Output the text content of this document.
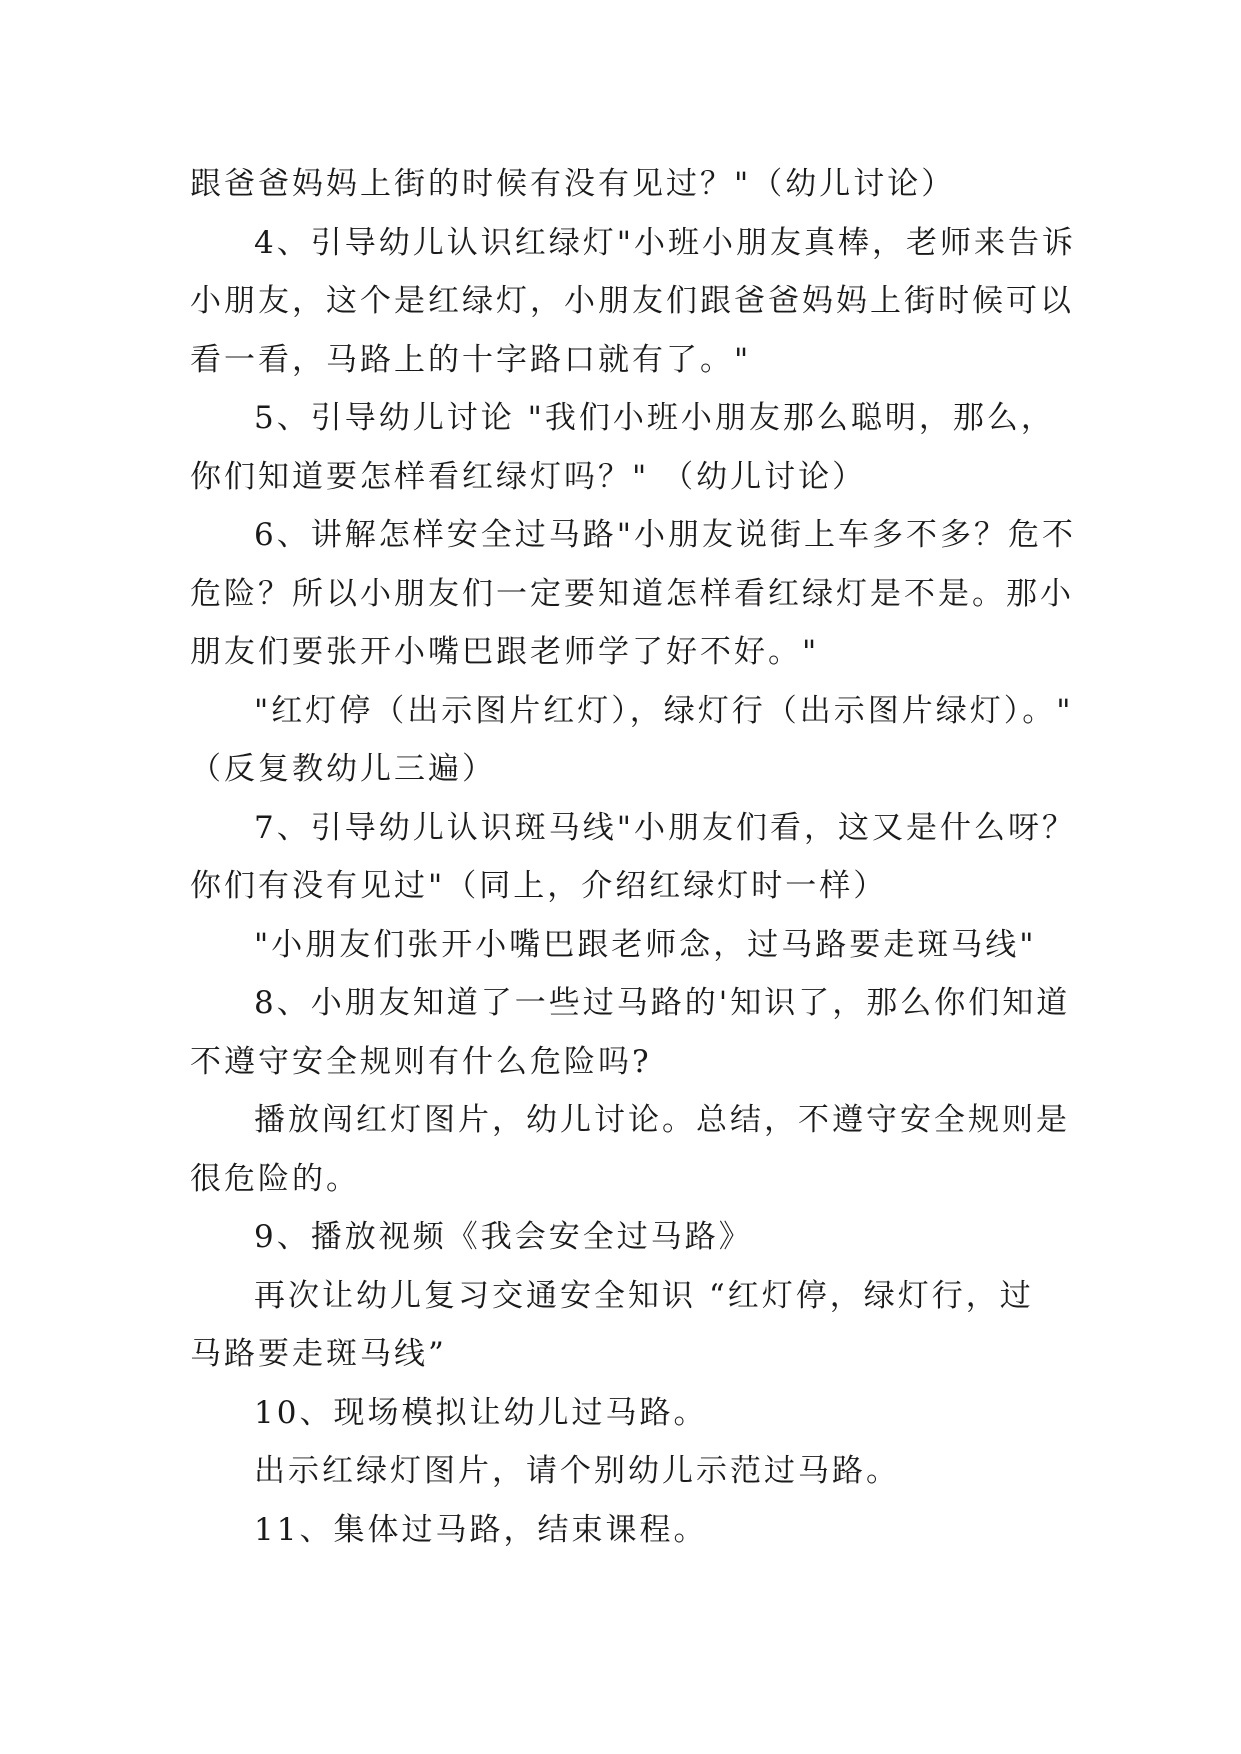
跟爸爸妈妈上街的时候有没有见过？"（幼儿讨论）
4、引导幼儿认识红绿灯"小班小朋友真棒，老师来告诉
小朋友，这个是红绿灯，小朋友们跟爸爸妈妈上街时候可以
看一看，马路上的十字路口就有了。"
5、引导幼儿讨论 "我们小班小朋友那么聪明，那么，
你们知道要怎样看红绿灯吗？" （幼儿讨论）
6、讲解怎样安全过马路"小朋友说街上车多不多？危不
危险？所以小朋友们一定要知道怎样看红绿灯是不是。那小
朋友们要张开小嘴巴跟老师学了好不好。"
"红灯停（出示图片红灯），绿灯行（出示图片绿灯）。"
（反复教幼儿三遍）
7、引导幼儿认识斑马线"小朋友们看，这又是什么呀？
你们有没有见过"（同上，介绍红绿灯时一样）
"小朋友们张开小嘴巴跟老师念，过马路要走斑马线"
8、小朋友知道了一些过马路的'知识了，那么你们知道
不遵守安全规则有什么危险吗?
播放闯红灯图片，幼儿讨论。总结，不遵守安全规则是
很危险的。
9、播放视频《我会安全过马路》
再次让幼儿复习交通安全知识 “红灯停，绿灯行，过
马路要走斑马线”
10、现场模拟让幼儿过马路。
出示红绿灯图片，请个别幼儿示范过马路。
11、集体过马路，结束课程。
